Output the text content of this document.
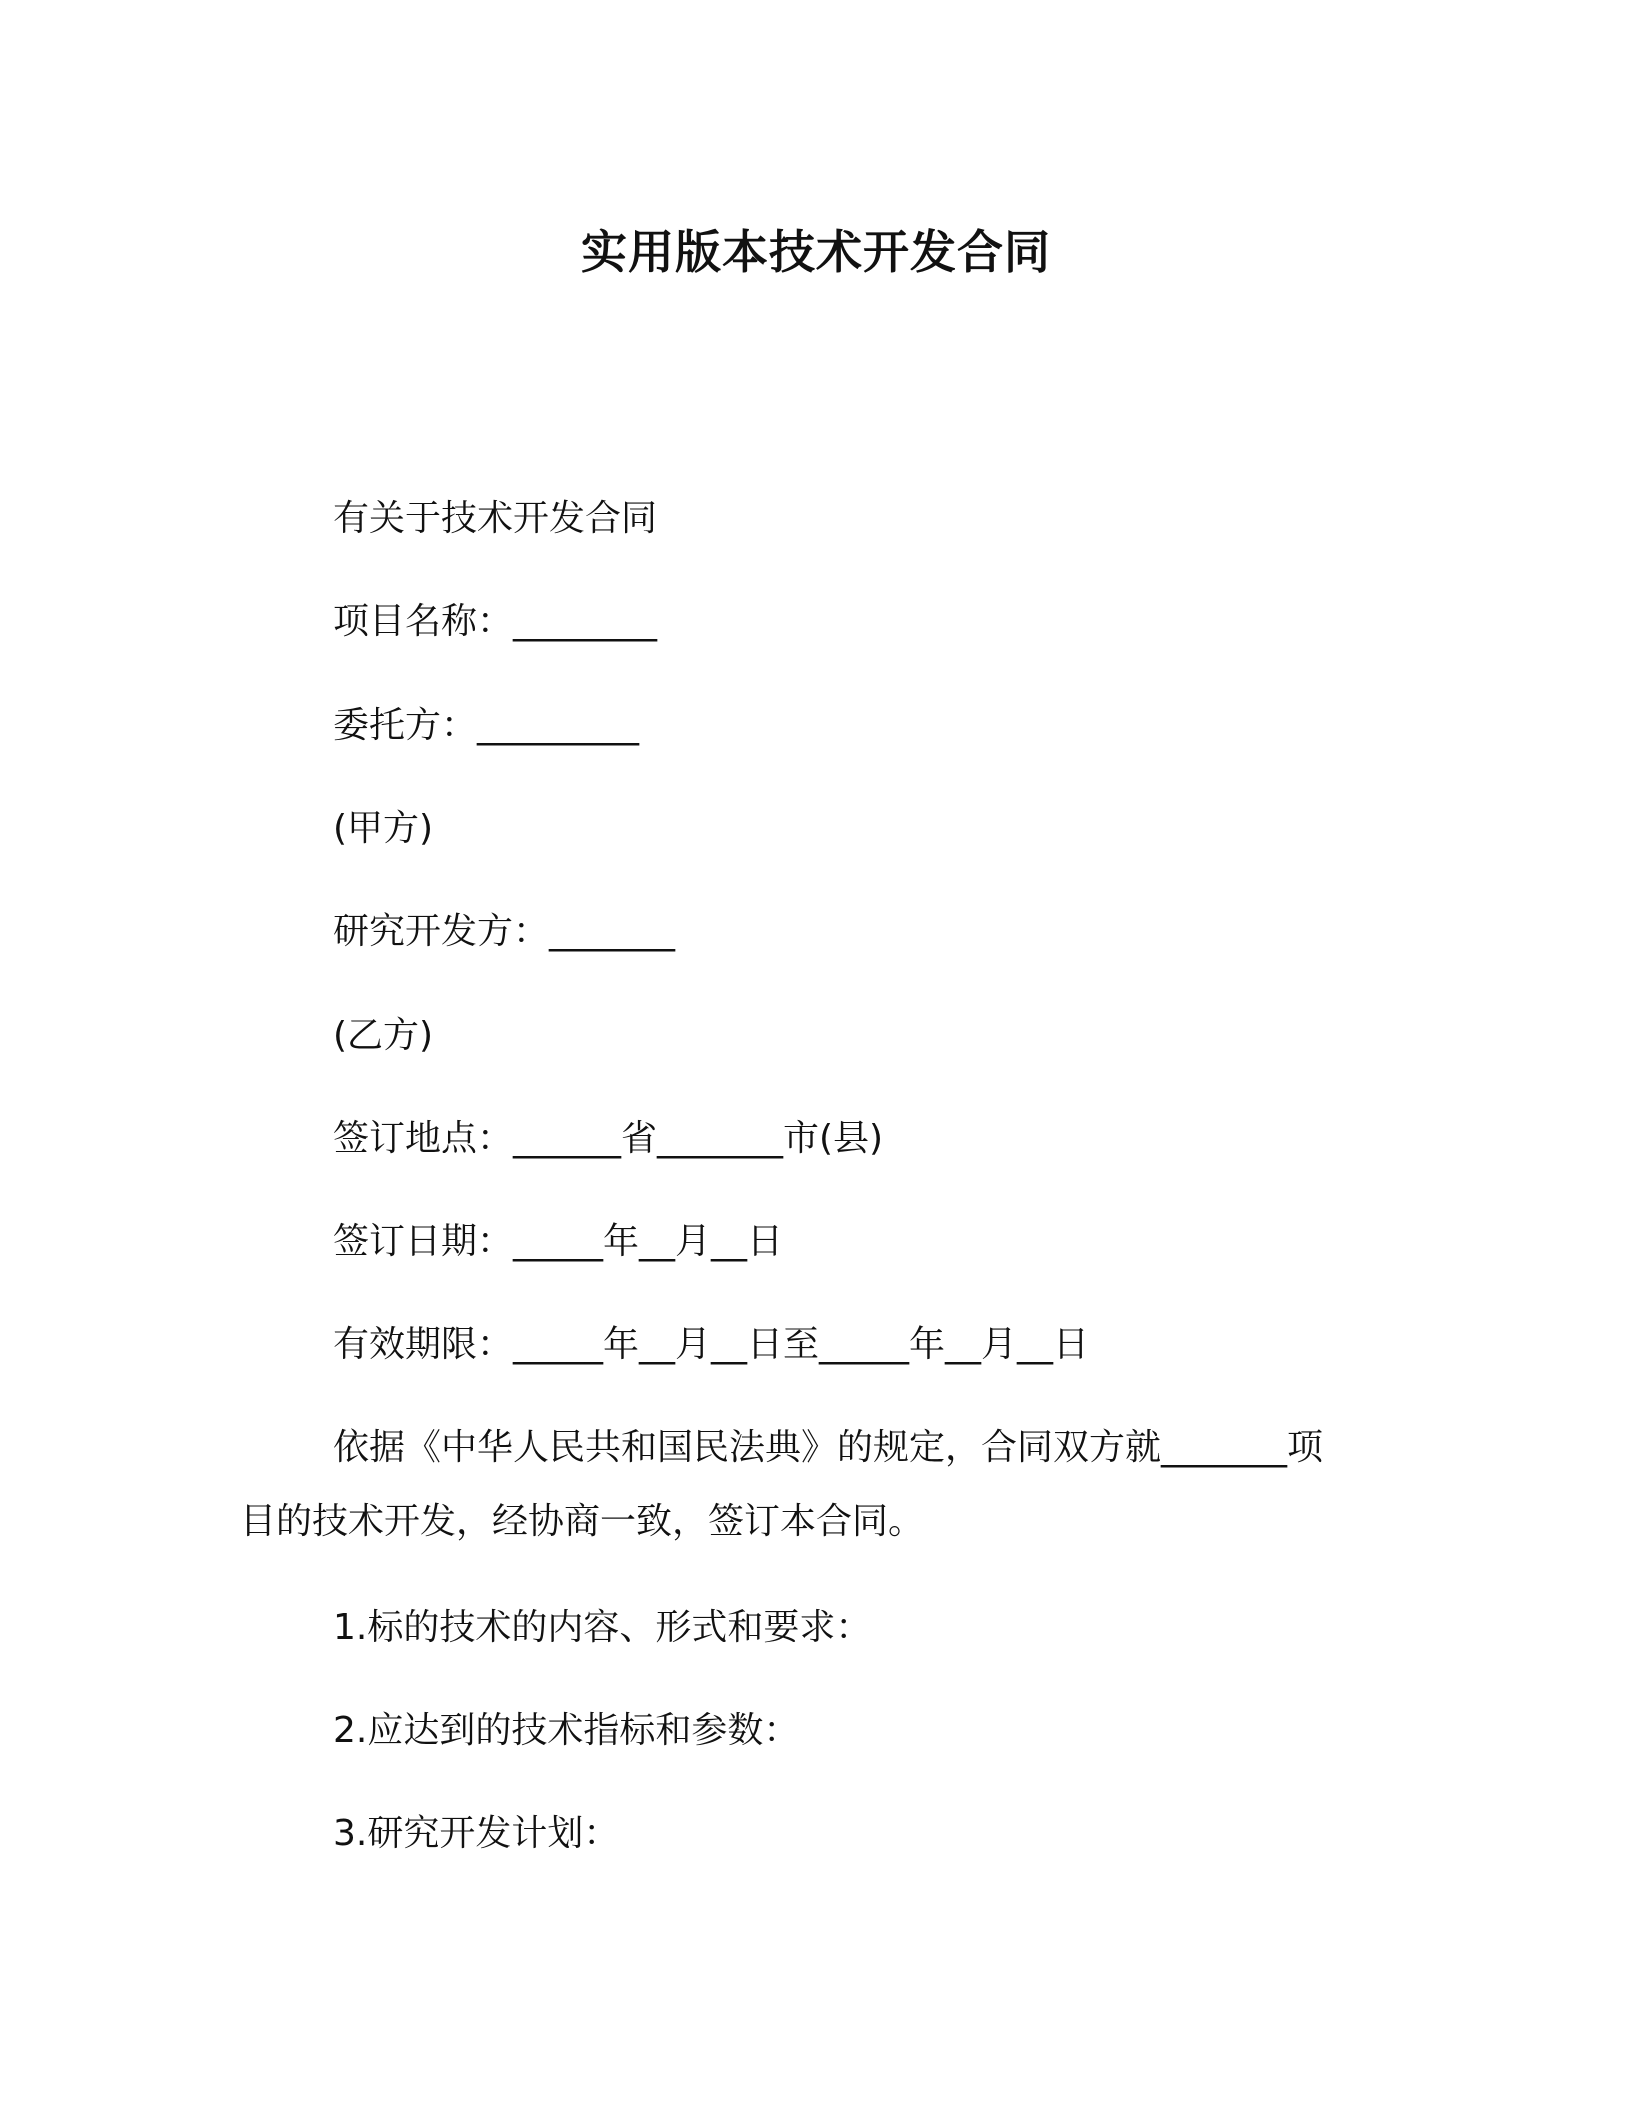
实用版本技术开发合同
有关于技术开发合同
项目名称：________
委托方：_________
(甲方)
研究开发方：_______
(乙方)
签订地点：______省_______市(县)
签订日期：_____年__月__日
有效期限：_____年__月__日至_____年__月__日
依据《中华人民共和国民法典》的规定，合同双方就_______项目的技术开发，经协商一致，签订本合同。
1.标的技术的内容、形式和要求：
2.应达到的技术指标和参数：
3.研究开发计划：
